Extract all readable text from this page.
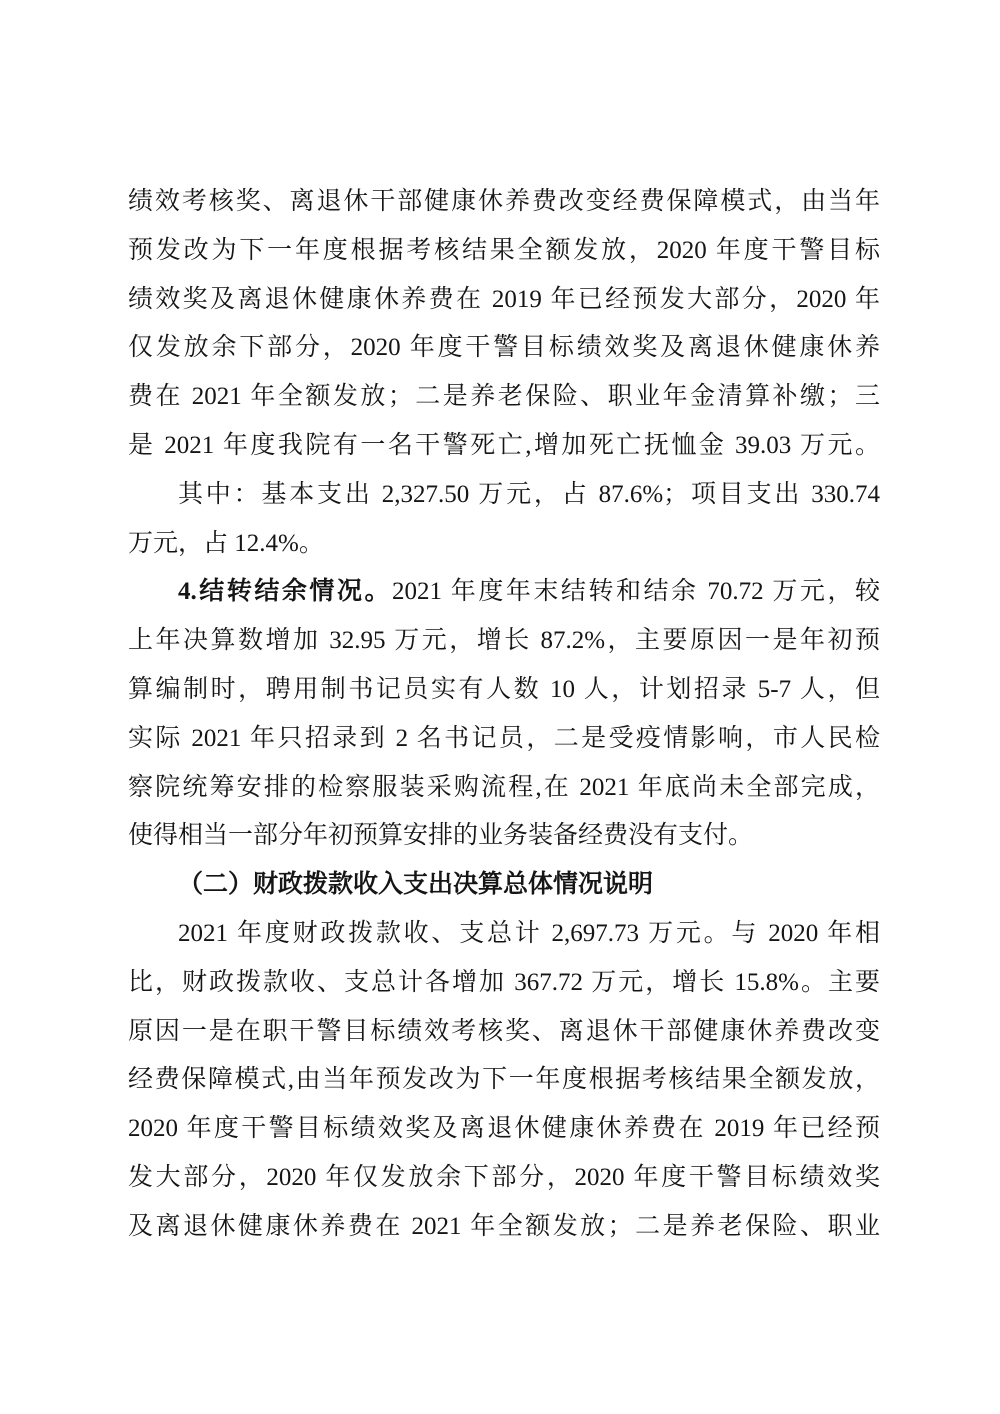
绩效考核奖、离退休干部健康休养费改变经费保障模式，由当年
预发改为下一年度根据考核结果全额发放，2020 年度干警目标
绩效奖及离退休健康休养费在 2019 年已经预发大部分，2020 年
仅发放余下部分，2020 年度干警目标绩效奖及离退休健康休养
费在 2021 年全额发放；二是养老保险、职业年金清算补缴；三
是 2021 年度我院有一名干警死亡,增加死亡抚恤金 39.03 万元。
其中：基本支出 2,327.50 万元，占 87.6%；项目支出 330.74
万元，占 12.4%。
4.结转结余情况。2021 年度年末结转和结余 70.72 万元，较
上年决算数增加 32.95 万元，增长 87.2%，主要原因一是年初预
算编制时，聘用制书记员实有人数 10 人，计划招录 5-7 人，但
实际 2021 年只招录到 2 名书记员，二是受疫情影响，市人民检
察院统筹安排的检察服装采购流程,在 2021 年底尚未全部完成，
使得相当一部分年初预算安排的业务装备经费没有支付。
（二）财政拨款收入支出决算总体情况说明
2021 年度财政拨款收、支总计 2,697.73 万元。与 2020 年相
比，财政拨款收、支总计各增加 367.72 万元，增长 15.8%。主要
原因一是在职干警目标绩效考核奖、离退休干部健康休养费改变
经费保障模式,由当年预发改为下一年度根据考核结果全额发放，
2020 年度干警目标绩效奖及离退休健康休养费在 2019 年已经预
发大部分，2020 年仅发放余下部分，2020 年度干警目标绩效奖
及离退休健康休养费在 2021 年全额发放；二是养老保险、职业
